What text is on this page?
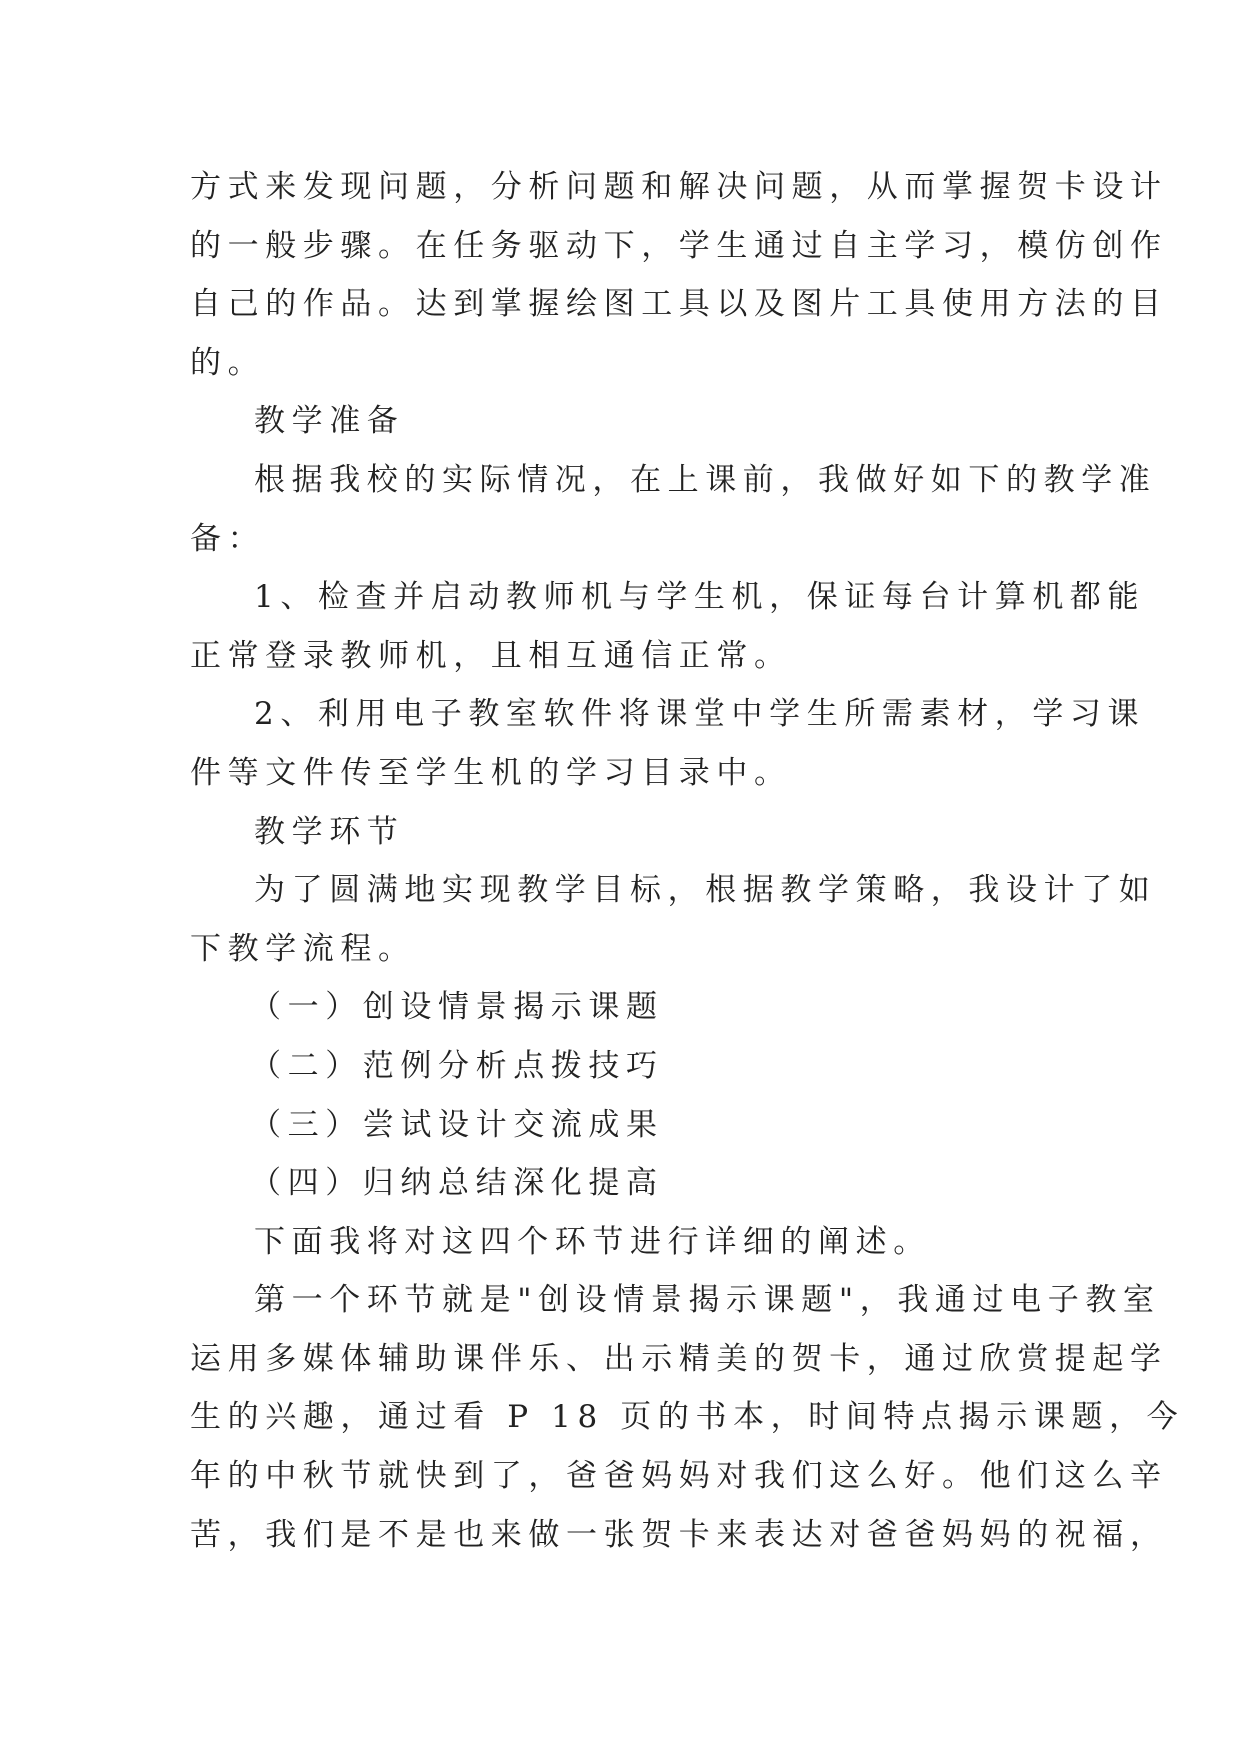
方式来发现问题，分析问题和解决问题，从而掌握贺卡设计
的一般步骤。在任务驱动下，学生通过自主学习，模仿创作
自己的作品。达到掌握绘图工具以及图片工具使用方法的目
的。
教学准备
根据我校的实际情况，在上课前，我做好如下的教学准
备：
1、检查并启动教师机与学生机，保证每台计算机都能
正常登录教师机，且相互通信正常。
2、利用电子教室软件将课堂中学生所需素材，学习课
件等文件传至学生机的学习目录中。
教学环节
为了圆满地实现教学目标，根据教学策略，我设计了如
下教学流程。
（一）创设情景揭示课题
（二）范例分析点拨技巧
（三）尝试设计交流成果
（四）归纳总结深化提高
下面我将对这四个环节进行详细的阐述。
第一个环节就是"创设情景揭示课题"，我通过电子教室
运用多媒体辅助课伴乐、出示精美的贺卡，通过欣赏提起学
生的兴趣，通过看 P 18 页的书本，时间特点揭示课题，今
年的中秋节就快到了，爸爸妈妈对我们这么好。他们这么辛
苦，我们是不是也来做一张贺卡来表达对爸爸妈妈的祝福，
